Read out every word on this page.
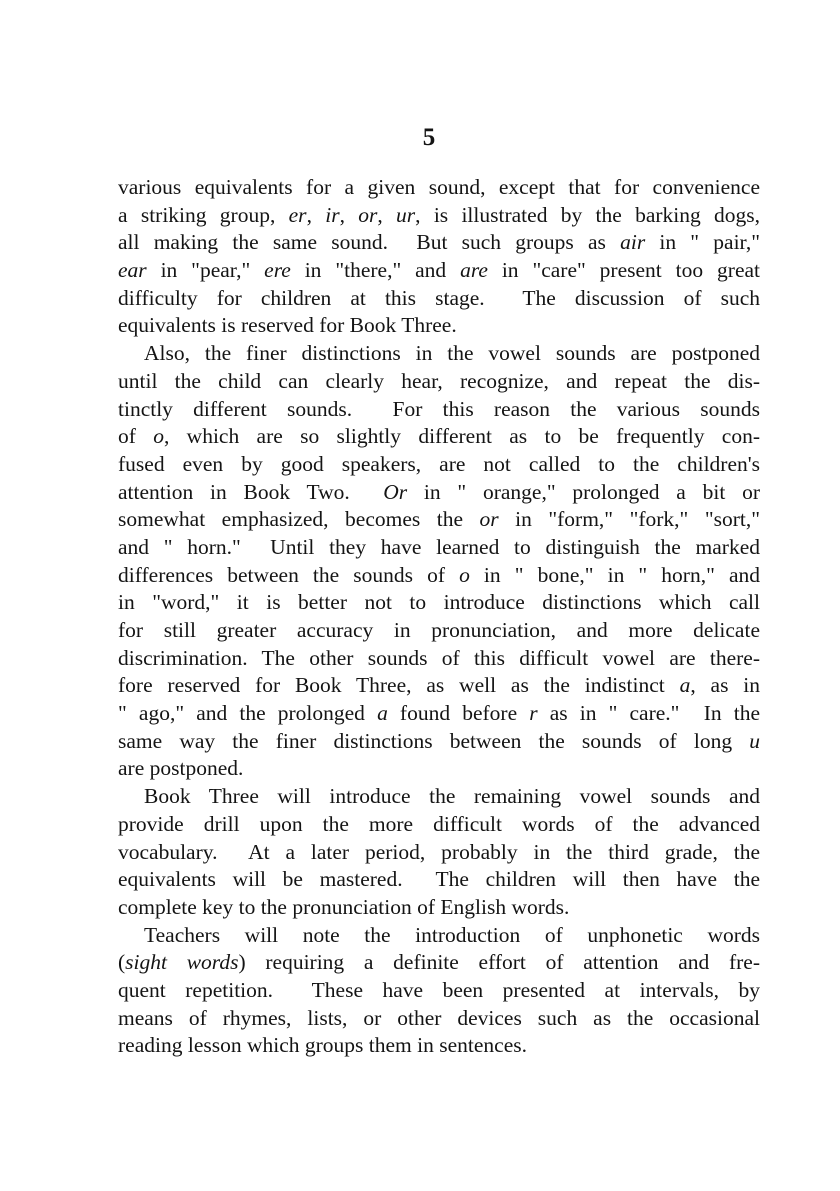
5
various equivalents for a given sound, except that for convenience
a striking group, er, ir, or, ur, is illustrated by the barking dogs,
all making the same sound.  But such groups as air in " pair,"
ear in "pear," ere in "there," and are in "care" present too great
difficulty for children at this stage.  The discussion of such
equivalents is reserved for Book Three.
Also, the finer distinctions in the vowel sounds are postponed
until the child can clearly hear, recognize, and repeat the dis-
tinctly different sounds.  For this reason the various sounds
of o, which are so slightly different as to be frequently con-
fused even by good speakers, are not called to the children's
attention in Book Two.  Or in " orange," prolonged a bit or
somewhat emphasized, becomes the or in "form," "fork," "sort,"
and " horn."  Until they have learned to distinguish the marked
differences between the sounds of o in " bone," in " horn," and
in "word," it is better not to introduce distinctions which call
for still greater accuracy in pronunciation, and more delicate
discrimination. The other sounds of this difficult vowel are there-
fore reserved for Book Three, as well as the indistinct a, as in
" ago," and the prolonged a found before r as in " care."  In the
same way the finer distinctions between the sounds of long u
are postponed.
Book Three will introduce the remaining vowel sounds and
provide drill upon the more difficult words of the advanced
vocabulary.  At a later period, probably in the third grade, the
equivalents will be mastered.  The children will then have the
complete key to the pronunciation of English words.
Teachers will note the introduction of unphonetic words
(sight words) requiring a definite effort of attention and fre-
quent repetition.  These have been presented at intervals, by
means of rhymes, lists, or other devices such as the occasional
reading lesson which groups them in sentences.
